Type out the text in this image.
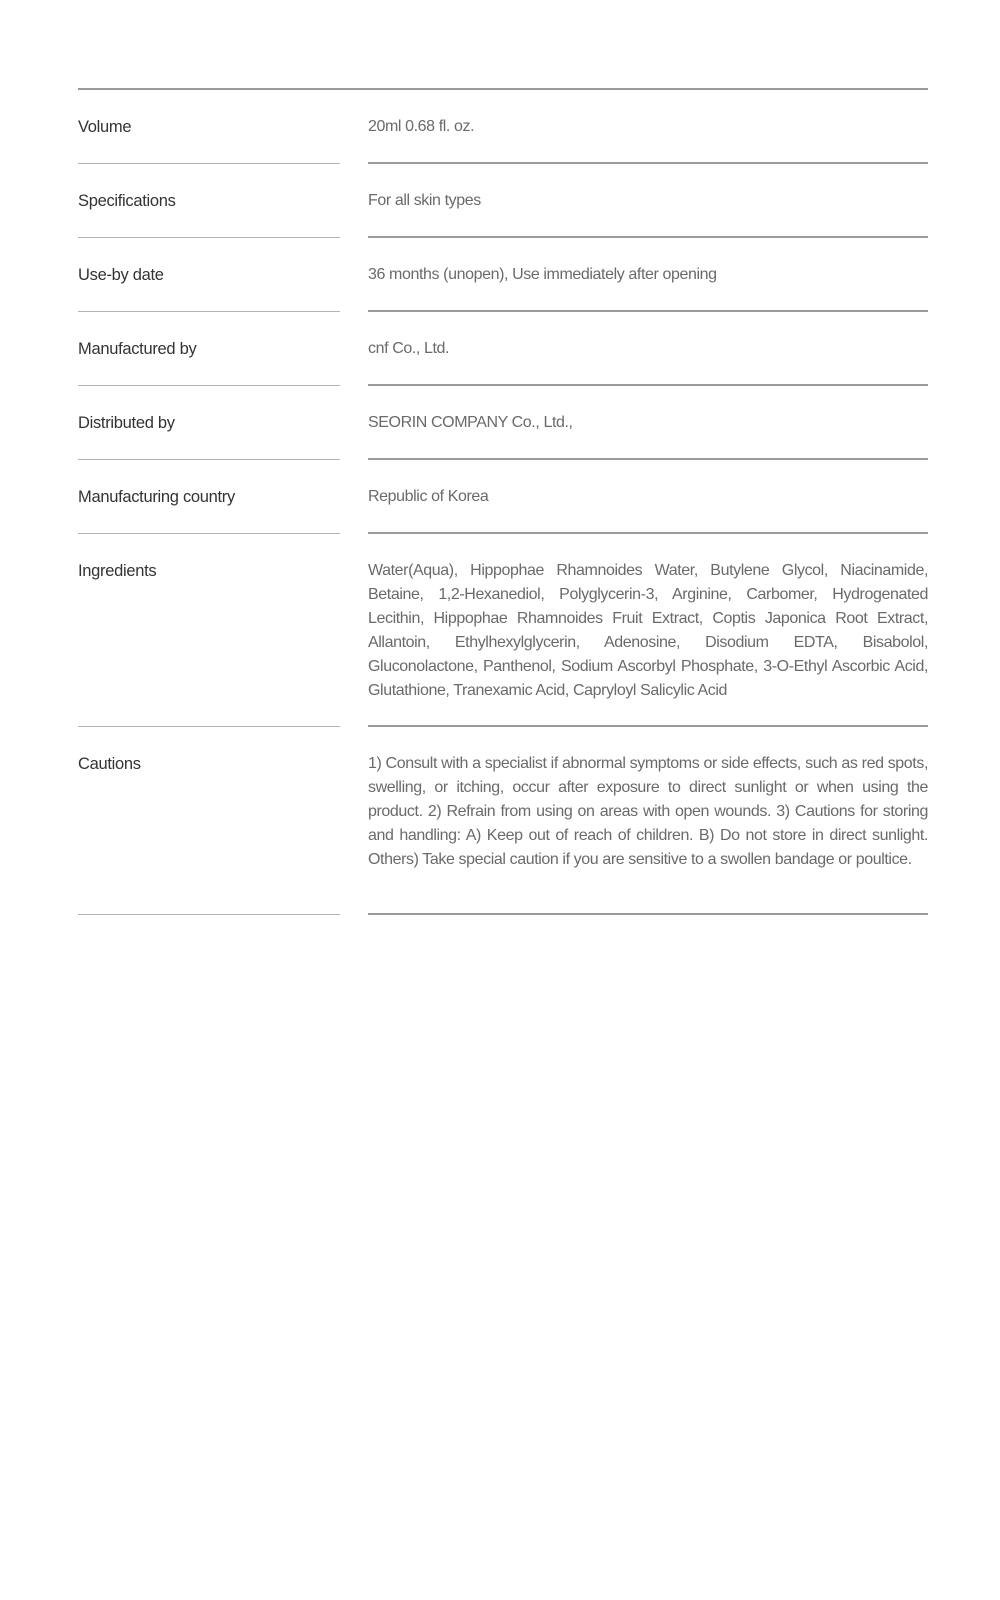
Volume	20ml 0.68 fl. oz.
Specifications	For all skin types
Use-by date	36 months (unopen), Use immediately after opening
Manufactured by	cnf Co., Ltd.
Distributed by	SEORIN COMPANY Co., Ltd.,
Manufacturing country	Republic of Korea
Ingredients	Water(Aqua), Hippophae Rhamnoides Water, Butylene Glycol, Niacinamide, Betaine, 1,2-Hexanediol, Polyglycerin-3, Arginine, Carbomer, Hydrogenated Lecithin, Hippophae Rhamnoides Fruit Extract, Coptis Japonica Root Extract, Allantoin, Ethylhexylglycerin, Adenosine, Disodium EDTA, Bisabolol, Gluconolactone, Panthenol, Sodium Ascorbyl Phosphate, 3-O-Ethyl Ascorbic Acid, Glutathione, Tranexamic Acid, Capryloyl Salicylic Acid
Cautions	1) Consult with a specialist if abnormal symptoms or side effects, such as red spots, swelling, or itching, occur after exposure to direct sunlight or when using the product. 2) Refrain from using on areas with open wounds. 3) Cautions for storing and handling: A) Keep out of reach of children. B) Do not store in direct sunlight. Others) Take special caution if you are sensitive to a swollen bandage or poultice.
